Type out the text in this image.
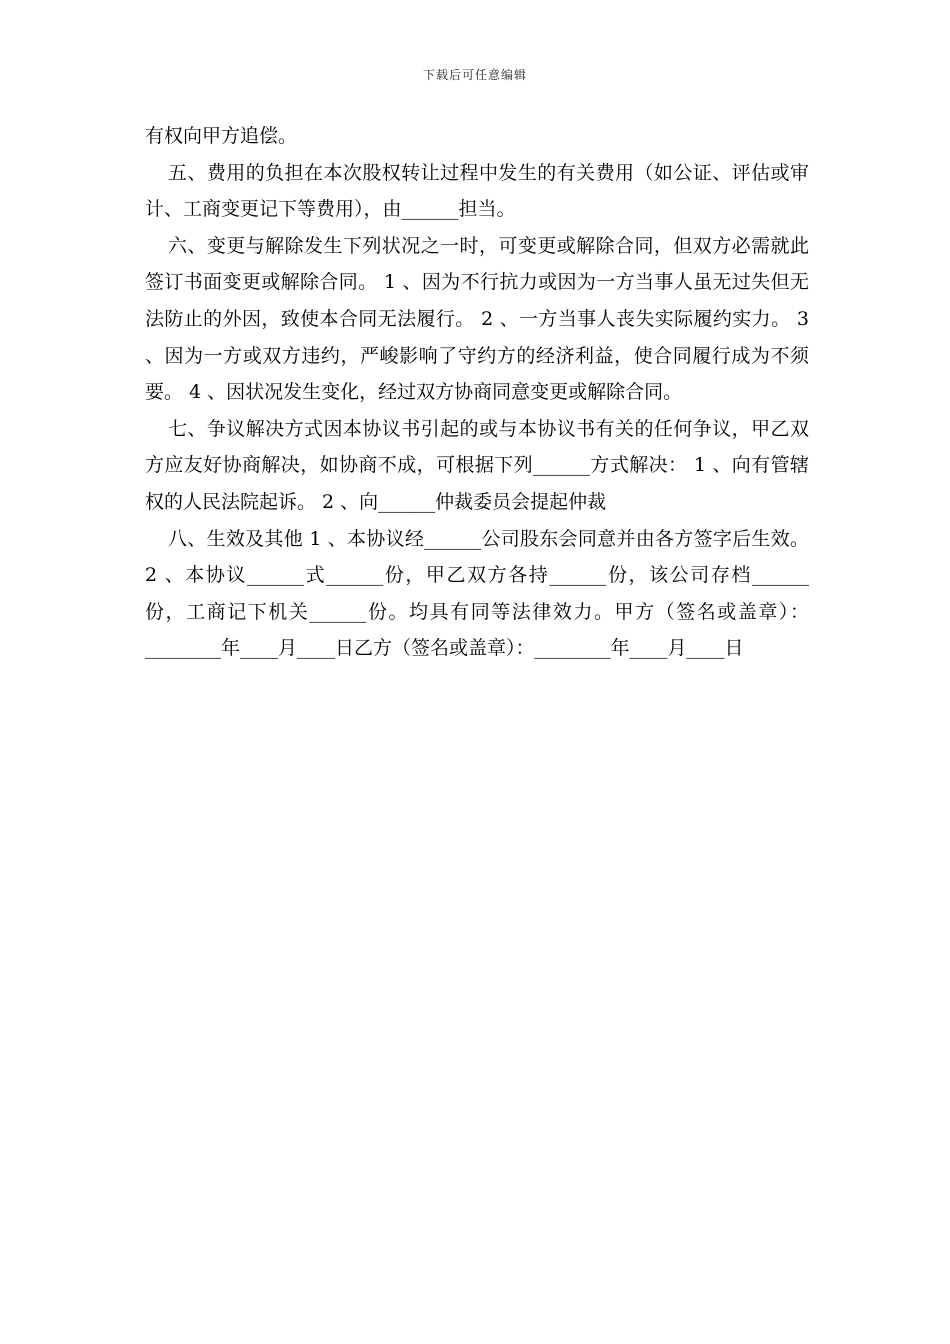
下载后可任意编辑

有权向甲方追偿。

五、费用的负担在本次股权转让过程中发生的有关费用（如公证、评估或审计、工商变更记下等费用），由______担当。

六、变更与解除发生下列状况之一时，可变更或解除合同，但双方必需就此签订书面变更或解除合同。 1 、因为不行抗力或因为一方当事人虽无过失但无法防止的外因，致使本合同无法履行。 2 、一方当事人丧失实际履约实力。 3 、因为一方或双方违约，严峻影响了守约方的经济利益，使合同履行成为不须要。 4 、因状况发生变化，经过双方协商同意变更或解除合同。

七、争议解决方式因本协议书引起的或与本协议书有关的任何争议，甲乙双方应友好协商解决，如协商不成，可根据下列______方式解决： 1 、向有管辖权的人民法院起诉。 2 、向______仲裁委员会提起仲裁

八、生效及其他 1 、本协议经______公司股东会同意并由各方签字后生效。 2 、本协议______式______份，甲乙双方各持______份，该公司存档______份，工商记下机关______份。均具有同等法律效力。甲方（签名或盖章）：________年____月____日乙方（签名或盖章）：________年____月____日
